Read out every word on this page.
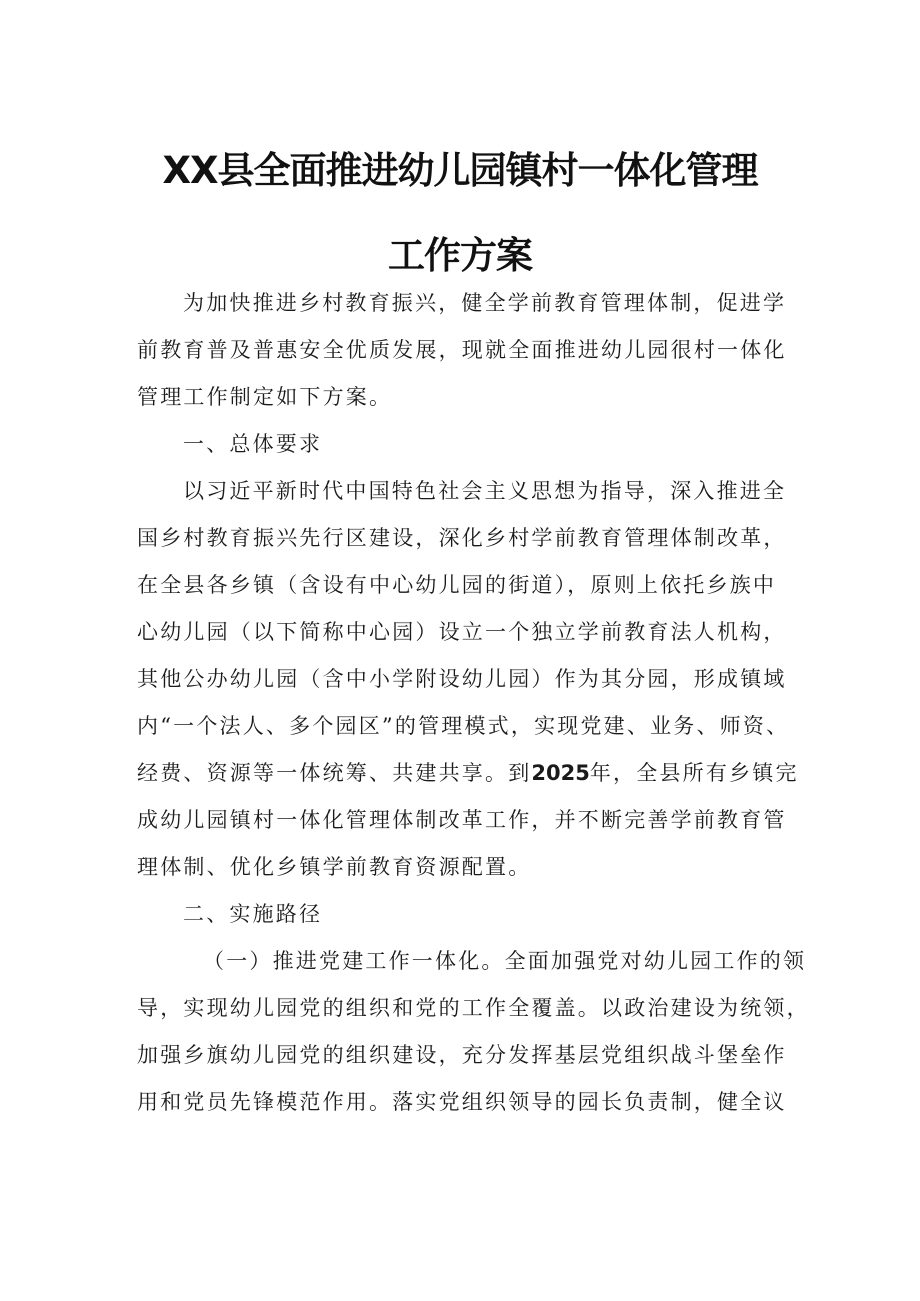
XX县全面推进幼儿园镇村一体化管理
工作方案
为加快推进乡村教育振兴，健全学前教育管理体制，促进学
前教育普及普惠安全优质发展，现就全面推进幼儿园很村一体化
管理工作制定如下方案。
一、总体要求
以习近平新时代中国特色社会主义思想为指导，深入推进全
国乡村教育振兴先行区建设，深化乡村学前教育管理体制改革，
在全县各乡镇（含设有中心幼儿园的街道），原则上依托乡族中
心幼儿园（以下简称中心园）设立一个独立学前教育法人机构，
其他公办幼儿园（含中小学附设幼儿园）作为其分园，形成镇域
内“一个法人、多个园区”的管理模式，实现党建、业务、师资、
经费、资源等一体统筹、共建共享。到2025年，全县所有乡镇完
成幼儿园镇村一体化管理体制改革工作，并不断完善学前教育管
理体制、优化乡镇学前教育资源配置。
二、实施路径
（一）推进党建工作一体化。全面加强党对幼儿园工作的领
导，实现幼儿园党的组织和党的工作全覆盖。以政治建设为统领，
加强乡旗幼儿园党的组织建设，充分发挥基层党组织战斗堡垒作
用和党员先锋模范作用。落实党组织领导的园长负责制，健全议
